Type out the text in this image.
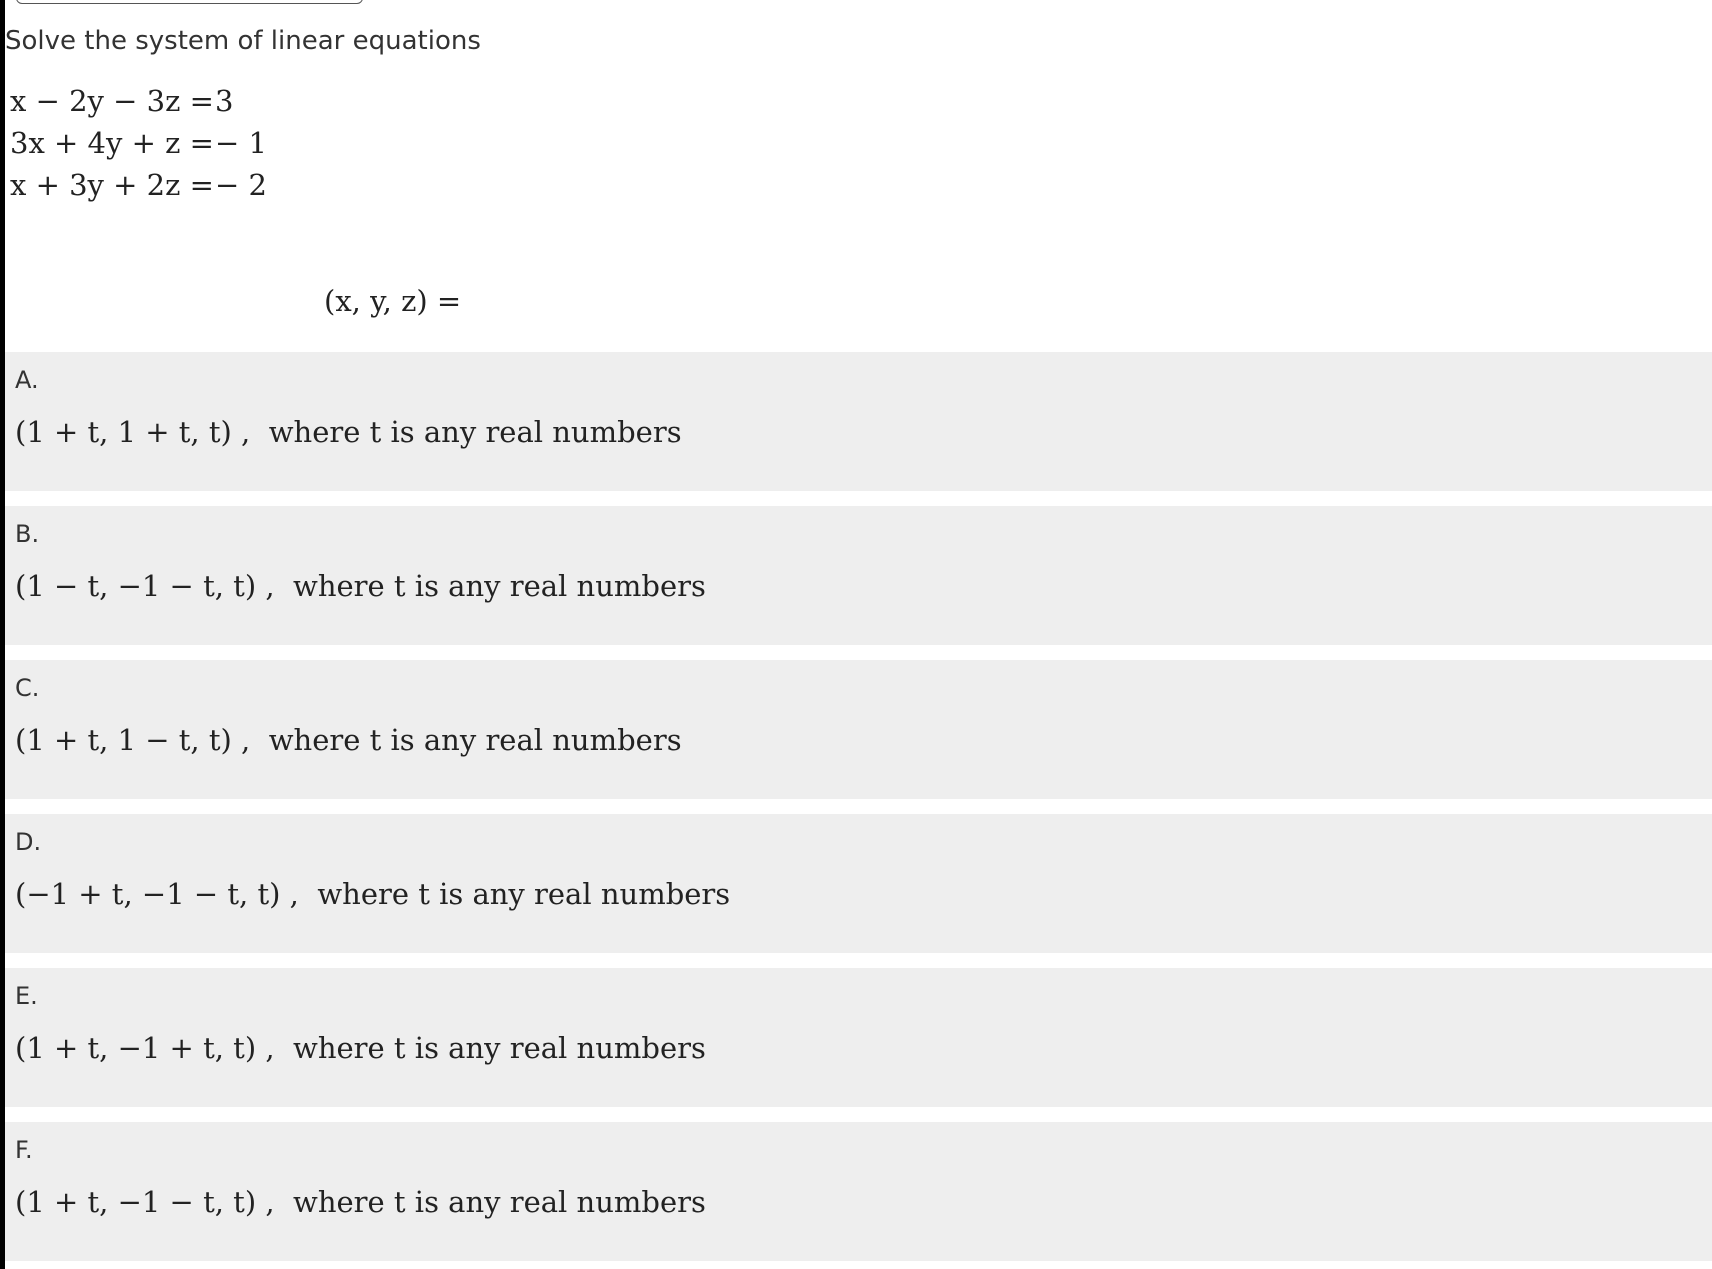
Solve the system of linear equations
x − 2y − 3z =3
3x + 4y + z =− 1
x + 3y + 2z =− 2
(x, y, z) =
A.
(1 + t, 1 + t, t) , where t is any real numbers
B.
(1 − t, −1 − t, t) , where t is any real numbers
C.
(1 + t, 1 − t, t) , where t is any real numbers
D.
(−1 + t, −1 − t, t) , where t is any real numbers
E.
(1 + t, −1 + t, t) , where t is any real numbers
F.
(1 + t, −1 − t, t) , where t is any real numbers
